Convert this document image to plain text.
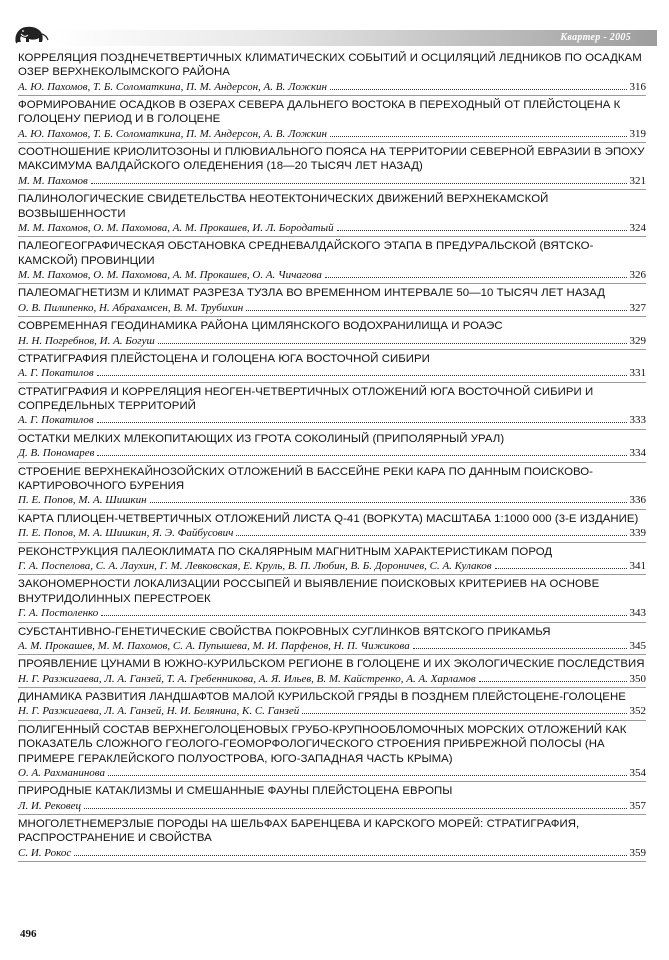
Квартер - 2005
КОРРЕЛЯЦИЯ ПОЗДНЕЧЕТВЕРТИЧНЫХ КЛИМАТИЧЕСКИХ СОБЫТИЙ И ОСЦИЛЯЦИЙ ЛЕДНИКОВ ПО ОСАДКАМ ОЗЕР ВЕРХНЕКОЛЫМСКОГО РАЙОНА
А. Ю. Пахомов, Т. Б. Соломаткина, П. М. Андерсон, А. В. Ложкин	316
ФОРМИРОВАНИЕ ОСАДКОВ В ОЗЕРАХ СЕВЕРА ДАЛЬНЕГО ВОСТОКА В ПЕРЕХОДНЫЙ ОТ ПЛЕЙСТОЦЕНА К ГОЛОЦЕНУ ПЕРИОД И В ГОЛОЦЕНЕ
А. Ю. Пахомов, Т. Б. Соломаткина, П. М. Андерсон, А. В. Ложкин	319
СООТНОШЕНИЕ КРИОЛИТОЗОНЫ И ПЛЮВИАЛЬНОГО ПОЯСА НА ТЕРРИТОРИИ СЕВЕРНОЙ ЕВРАЗИИ В ЭПОХУ МАКСИМУМА ВАЛДАЙСКОГО ОЛЕДЕНЕНИЯ (18—20 ТЫСЯЧ ЛЕТ НАЗАД)
М. М. Пахомов	321
ПАЛИНОЛОГИЧЕСКИЕ СВИДЕТЕЛЬСТВА НЕОТЕКТОНИЧЕСКИХ ДВИЖЕНИЙ ВЕРХНЕКАМСКОЙ ВОЗВЫШЕННОСТИ
М. М. Пахомов, О. М. Пахомова, А. М. Прокашев, И. Л. Бородатый	324
ПАЛЕОГЕОГРАФИЧЕСКАЯ ОБСТАНОВКА СРЕДНЕВАЛДАЙСКОГО ЭТАПА В ПРЕДУРАЛЬСКОЙ (ВЯТСКО-КАМСКОЙ) ПРОВИНЦИИ
М. М. Пахомов, О. М. Пахомова, А. М. Прокашев, О. А. Чичагова	326
ПАЛЕОМАГНЕТИЗМ И КЛИМАТ РАЗРЕЗА ТУЗЛА ВО ВРЕМЕННОМ ИНТЕРВАЛЕ 50—10 ТЫСЯЧ ЛЕТ НАЗАД
О. В. Пилипенко, Н. Абрахамсен, В. М. Трубихин	327
СОВРЕМЕННАЯ ГЕОДИНАМИКА РАЙОНА ЦИМЛЯНСКОГО ВОДОХРАНИЛИЩА И РОАЭС
Н. Н. Погребнов, И. А. Богуш	329
СТРАТИГРАФИЯ ПЛЕЙСТОЦЕНА И ГОЛОЦЕНА ЮГА ВОСТОЧНОЙ СИБИРИ
А. Г. Покатилов	331
СТРАТИГРАФИЯ И КОРРЕЛЯЦИЯ НЕОГЕН-ЧЕТВЕРТИЧНЫХ ОТЛОЖЕНИЙ ЮГА ВОСТОЧНОЙ СИБИРИ И СОПРЕДЕЛЬНЫХ ТЕРРИТОРИЙ
А. Г. Покатилов	333
ОСТАТКИ МЕЛКИХ МЛЕКОПИТАЮЩИХ ИЗ ГРОТА СОКОЛИНЫЙ (ПРИПОЛЯРНЫЙ УРАЛ)
Д. В. Пономарев	334
СТРОЕНИЕ ВЕРХНЕКАЙНОЗОЙСКИХ ОТЛОЖЕНИЙ В БАССЕЙНЕ РЕКИ КАРА ПО ДАННЫМ ПОИСКОВО-КАРТИРОВОЧНОГО БУРЕНИЯ
П. Е. Попов, М. А. Шишкин	336
КАРТА ПЛИОЦЕН-ЧЕТВЕРТИЧНЫХ ОТЛОЖЕНИЙ ЛИСТА Q-41 (ВОРКУТА) МАСШТАБА 1:1000 000 (3-Е ИЗДАНИЕ)
П. Е. Попов, М. А. Шишкин, Я. Э. Файбусович	339
РЕКОНСТРУКЦИЯ ПАЛЕОКЛИМАТА ПО СКАЛЯРНЫМ МАГНИТНЫМ ХАРАКТЕРИСТИКАМ ПОРОД
Г. А. Поспелова, С. А. Лаухин, Г. М. Левковская, Е. Круль, В. П. Любин, В. Б. Дороничев, С. А. Кулаков	341
ЗАКОНОМЕРНОСТИ ЛОКАЛИЗАЦИИ РОССЫПЕЙ И ВЫЯВЛЕНИЕ ПОИСКОВЫХ КРИТЕРИЕВ НА ОСНОВЕ ВНУТРИДОЛИННЫХ ПЕРЕСТРОЕК
Г. А. Постоленко	343
СУБСТАНТИВНО-ГЕНЕТИЧЕСКИЕ СВОЙСТВА ПОКРОВНЫХ СУГЛИНКОВ ВЯТСКОГО ПРИКАМЬЯ
А. М. Прокашев, М. М. Пахомов, С. А. Пупышева, М. И. Парфенов, Н. П. Чижикова	345
ПРОЯВЛЕНИЕ ЦУНАМИ В ЮЖНО-КУРИЛЬСКОМ РЕГИОНЕ В ГОЛОЦЕНЕ И ИХ ЭКОЛОГИЧЕСКИЕ ПОСЛЕДСТВИЯ
Н. Г. Разжигаева, Л. А. Ганзей, Т. А. Гребенникова, А. Я. Ильев, В. М. Кайстренко, А. А. Харламов	350
ДИНАМИКА РАЗВИТИЯ ЛАНДШАФТОВ МАЛОЙ КУРИЛЬСКОЙ ГРЯДЫ В ПОЗДНЕМ ПЛЕЙСТОЦЕНЕ-ГОЛОЦЕНЕ
Н. Г. Разжигаева, Л. А. Ганзей, Н. И. Белянина, К. С. Ганзей	352
ПОЛИГЕННЫЙ СОСТАВ ВЕРХНЕГОЛОЦЕНОВЫХ ГРУБО-КРУПНООБЛОМОЧНЫХ МОРСКИХ ОТЛОЖЕНИЙ КАК ПОКАЗАТЕЛЬ СЛОЖНОГО ГЕОЛОГО-ГЕОМОРФОЛОГИЧЕСКОГО СТРОЕНИЯ ПРИБРЕЖНОЙ ПОЛОСЫ (НА ПРИМЕРЕ ГЕРАКЛЕЙСКОГО ПОЛУОСТРОВА, ЮГО-ЗАПАДНАЯ ЧАСТЬ КРЫМА)
О. А. Рахманинова	354
ПРИРОДНЫЕ КАТАКЛИЗМЫ И СМЕШАННЫЕ ФАУНЫ ПЛЕЙСТОЦЕНА ЕВРОПЫ
Л. И. Рековец	357
МНОГОЛЕТНЕМЕРЗЛЫЕ ПОРОДЫ НА ШЕЛЬФАХ БАРЕНЦЕВА И КАРСКОГО МОРЕЙ: СТРАТИГРАФИЯ, РАСПРОСТРАНЕНИЕ И СВОЙСТВА
С. И. Рокос	359
496
